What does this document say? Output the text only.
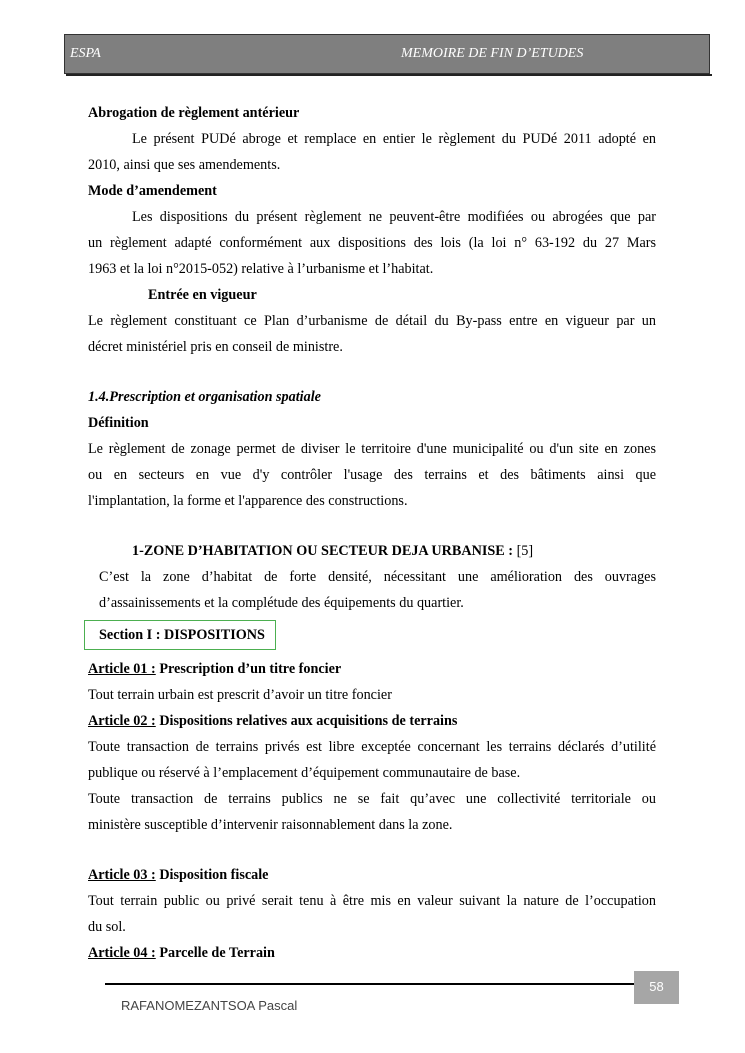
ESPA	MEMOIRE DE FIN D’ETUDES

Abrogation de règlement antérieur

Le présent PUDé abroge et remplace en entier le règlement du PUDé 2011 adopté en

2010, ainsi que ses amendements.

Mode d’amendement

Les dispositions du présent règlement ne peuvent-être modifiées ou abrogées que par

un règlement adapté conformément aux dispositions des lois (la loi n° 63-192 du 27 Mars

1963 et la loi n°2015-052) relative à l’urbanisme et l’habitat.

Entrée en vigueur

Le règlement constituant ce Plan d’urbanisme de détail du By-pass entre en vigueur par un

décret ministériel pris en conseil de ministre.

1.4.Prescription et organisation spatiale

Définition

Le règlement de zonage permet de diviser le territoire d'une municipalité ou d'un site en zones

ou en secteurs en vue d'y contrôler l'usage des terrains et des bâtiments ainsi que

l'implantation, la forme et l'apparence des constructions.

1-ZONE D’HABITATION OU SECTEUR DEJA URBANISE : [5]

C’est la zone d’habitat de forte densité, nécessitant une amélioration des ouvrages

d’assainissements et la complétude des équipements du quartier.

Section I : DISPOSITIONS

Article 01 : Prescription d’un titre foncier

Tout terrain urbain est prescrit d’avoir un titre foncier

Article 02 : Dispositions relatives aux acquisitions de terrains

Toute transaction de terrains privés est libre exceptée concernant les terrains déclarés d’utilité

publique ou réservé à l’emplacement d’équipement communautaire de base.

Toute transaction de terrains publics ne se fait qu’avec une collectivité territoriale ou

ministère susceptible d’intervenir raisonnablement dans la zone.

Article 03 : Disposition fiscale

Tout terrain public ou privé serait tenu à être mis en valeur suivant la nature de l’occupation

du sol.

Article 04 : Parcelle de Terrain

58
RAFANOMEZANTSOA Pascal
